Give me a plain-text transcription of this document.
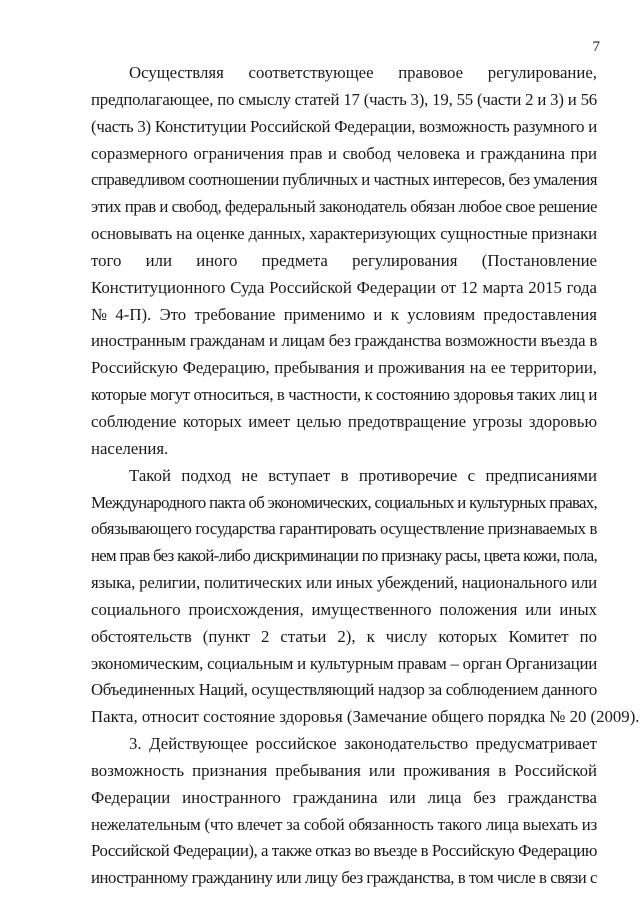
7
Осуществляя соответствующее правовое регулирование,
предполагающее, по смыслу статей 17 (часть 3), 19, 55 (части 2 и 3) и 56
(часть 3) Конституции Российской Федерации, возможность разумного и
соразмерного ограничения прав и свобод человека и гражданина при
справедливом соотношении публичных и частных интересов, без умаления
этих прав и свобод, федеральный законодатель обязан любое свое решение
основывать на оценке данных, характеризующих сущностные признаки
того или иного предмета регулирования (Постановление
Конституционного Суда Российской Федерации от 12 марта 2015 года
№ 4-П). Это требование применимо и к условиям предоставления
иностранным гражданам и лицам без гражданства возможности въезда в
Российскую Федерацию, пребывания и проживания на ее территории,
которые могут относиться, в частности, к состоянию здоровья таких лиц и
соблюдение которых имеет целью предотвращение угрозы здоровью
населения.
Такой подход не вступает в противоречие с предписаниями
Международного пакта об экономических, социальных и культурных правах,
обязывающего государства гарантировать осуществление признаваемых в
нем прав без какой-либо дискриминации по признаку расы, цвета кожи, пола,
языка, религии, политических или иных убеждений, национального или
социального происхождения, имущественного положения или иных
обстоятельств (пункт 2 статьи 2), к числу которых Комитет по
экономическим, социальным и культурным правам – орган Организации
Объединенных Наций, осуществляющий надзор за соблюдением данного
Пакта, относит состояние здоровья (Замечание общего порядка № 20 (2009).
3. Действующее российское законодательство предусматривает
возможность признания пребывания или проживания в Российской
Федерации иностранного гражданина или лица без гражданства
нежелательным (что влечет за собой обязанность такого лица выехать из
Российской Федерации), а также отказ во въезде в Российскую Федерацию
иностранному гражданину или лицу без гражданства, в том числе в связи с
